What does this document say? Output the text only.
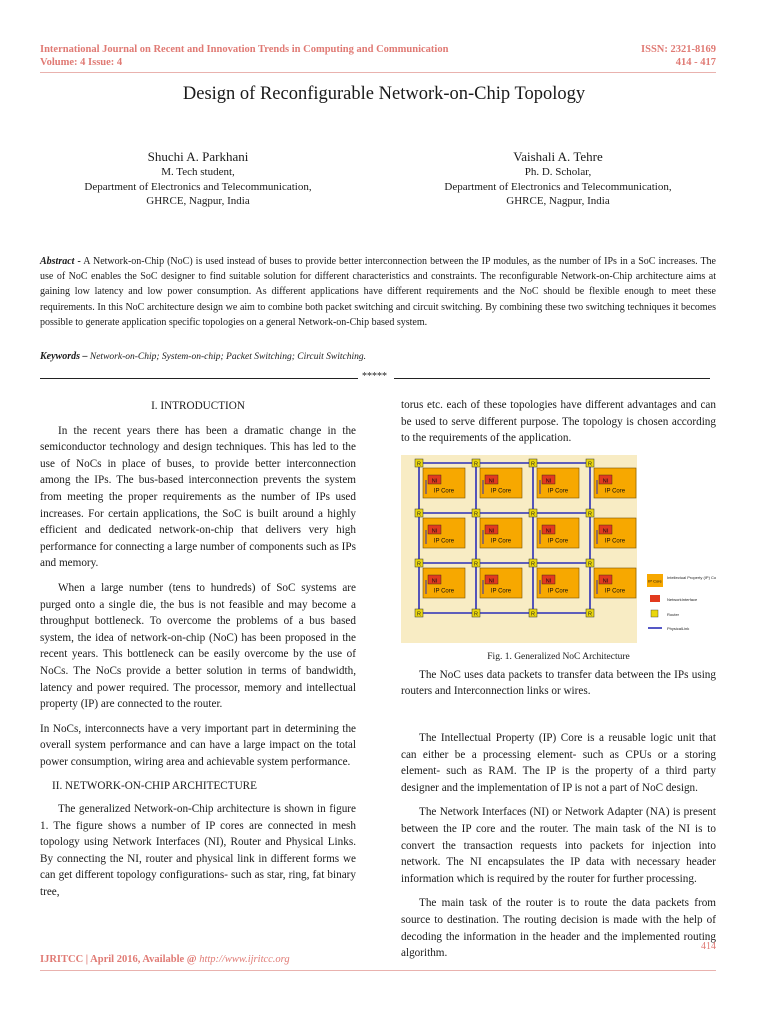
International Journal on Recent and Innovation Trends in Computing and Communication
Volume: 4 Issue: 4
ISSN: 2321-8169
414 - 417
Design of Reconfigurable Network-on-Chip Topology
Shuchi A. Parkhani
M. Tech student,
Department of Electronics and Telecommunication,
GHRCE, Nagpur, India
Vaishali A. Tehre
Ph. D. Scholar,
Department of Electronics and Telecommunication,
GHRCE, Nagpur, India
Abstract - A Network-on-Chip (NoC) is used instead of buses to provide better interconnection between the IP modules, as the number of IPs in a SoC increases. The use of NoC enables the SoC designer to find suitable solution for different characteristics and constraints. The reconfigurable Network-on-Chip architecture aims at gaining low latency and low power consumption. As different applications have different requirements and the NoC should be flexible enough to meet these requirements. In this NoC architecture design we aim to combine both packet switching and circuit switching. By combining these two switching techniques it becomes possible to generate application specific topologies on a general Network-on-Chip based system.
Keywords – Network-on-Chip; System-on-chip; Packet Switching; Circuit Switching.
*****
I. INTRODUCTION

In the recent years there has been a dramatic change in the semiconductor technology and design techniques. This has led to the use of NoCs in place of buses, to provide better interconnection among the IPs. The bus-based interconnection prevents the system from meeting the proper requirements as the number of IPs used increases. For certain applications, the SoC is built around a highly efficient and dedicated network-on-chip that delivers very high performance for connecting a large number of components such as IPs and memory.

When a large number (tens to hundreds) of SoC systems are purged onto a single die, the bus is not feasible and may become a throughput bottleneck. To overcome the problems of a bus based system, the idea of network-on-chip (NoC) has been proposed in the recent years. This bottleneck can be easily overcome by the use of NoCs. The NoCs provide a better solution in terms of bandwidth, latency and power required. The processor, memory and intellectual property (IP) are connected to the router.

In NoCs, interconnects have a very important part in determining the overall system performance and can have a large impact on the total power consumption, wiring area and achievable system performance.

II. NETWORK-ON-CHIP ARCHITECTURE

The generalized Network-on-Chip architecture is shown in figure 1. The figure shows a number of IP cores are connected in mesh topology using Network Interfaces (NI), Router and Physical Links. By connecting the NI, router and physical link in different forms we can get different topology configurations- such as star, ring, fat binary tree,

torus etc. each of these topologies have different advantages and can be used to serve different purpose. The topology is chosen according to the requirements of the application.

NI
IP Core
NI
IP Core
NI
IP Core
NI
IP Core
NI
IP Core
NI
IP Core
NI
IP Core
NI
IP Core
NI
IP Core
NI
IP Core
NI
IP Core
NI
IP Core
R	R	R	R
R	R	R	R
R	R	R	R
R	R	R	R
IP Core
Intellectual Property (IP) Core
NetworkInterface
Router
PhysicalLink
Fig. 1. Generalized NoC Architecture

The NoC uses data packets to transfer data between the IPs using routers and Interconnection links or wires.

The Intellectual Property (IP) Core is a reusable logic unit that can either be a processing element- such as CPUs or a storing element- such as RAM. The IP is the property of a third party designer and the implementation of IP is not a part of NoC design.

The Network Interfaces (NI) or Network Adapter (NA) is present between the IP core and the router. The main task of the NI is to convert the transaction requests into packets for injection into network. The NI encapsulates the IP data with necessary header information which is required by the router for further processing.

The main task of the router is to route the data packets from source to destination. The routing decision is made with the help of decoding the information in the header and the implemented routing algorithm.

414
IJRITCC | April 2016, Available @ http://www.ijritcc.org
